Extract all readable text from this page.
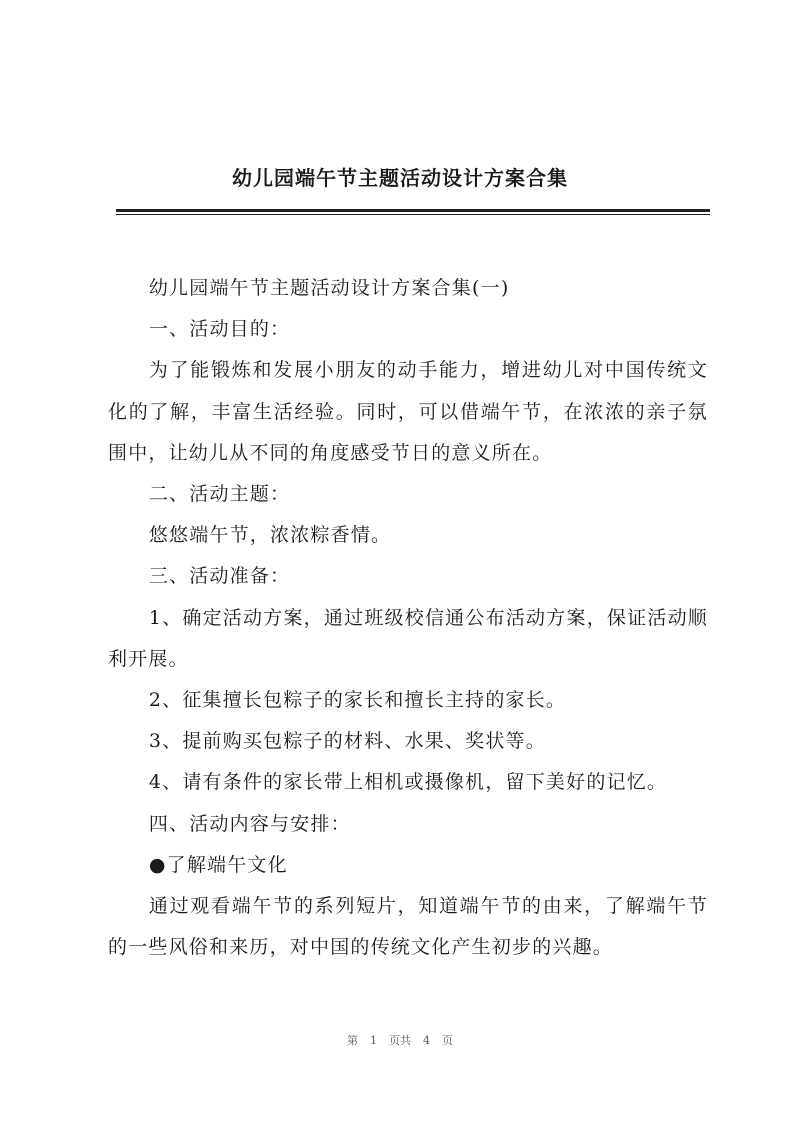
幼儿园端午节主题活动设计方案合集

幼儿园端午节主题活动设计方案合集(一)

一、活动目的：

为了能锻炼和发展小朋友的动手能力，增进幼儿对中国传统文化的了解，丰富生活经验。同时，可以借端午节，在浓浓的亲子氛围中，让幼儿从不同的角度感受节日的意义所在。

二、活动主题：

悠悠端午节，浓浓粽香情。

三、活动准备：

1、确定活动方案，通过班级校信通公布活动方案，保证活动顺利开展。

2、征集擅长包粽子的家长和擅长主持的家长。

3、提前购买包粽子的材料、水果、奖状等。

4、请有条件的家长带上相机或摄像机，留下美好的记忆。

四、活动内容与安排：

●了解端午文化

通过观看端午节的系列短片，知道端午节的由来，了解端午节的一些风俗和来历，对中国的传统文化产生初步的兴趣。

第 1 页共 4 页
